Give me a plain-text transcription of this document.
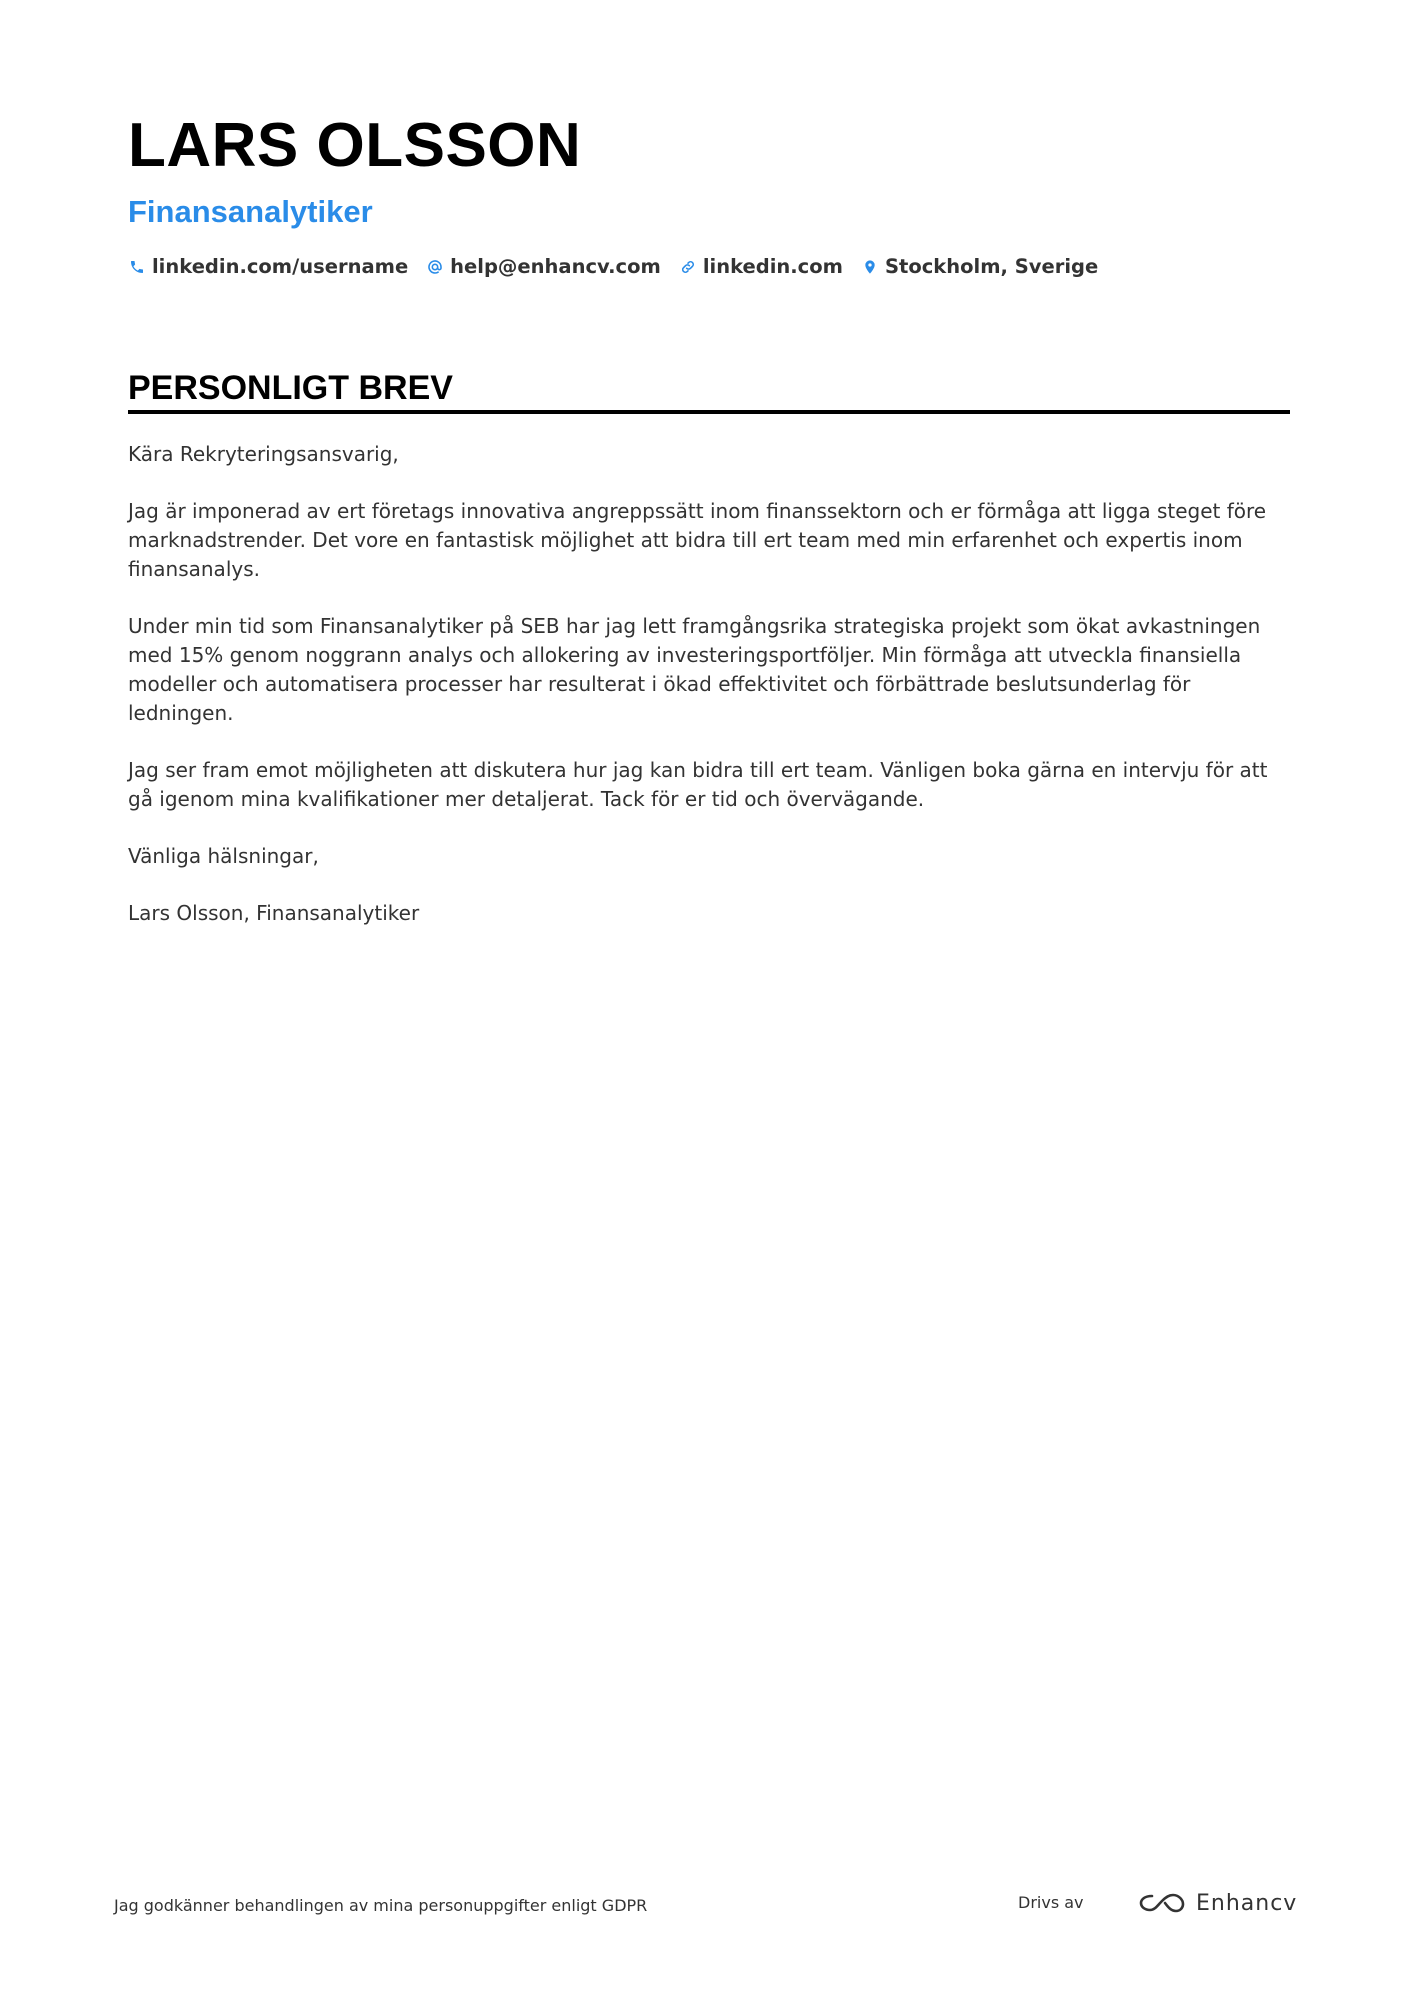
LARS OLSSON
Finansanalytiker
linkedin.com/username help@enhancv.com linkedin.com Stockholm, Sverige
PERSONLIGT BREV

Kära Rekryteringsansvarig,

Jag är imponerad av ert företags innovativa angreppssätt inom finanssektorn och er förmåga att ligga steget före marknadstrender. Det vore en fantastisk möjlighet att bidra till ert team med min erfarenhet och expertis inom finansanalys.

Under min tid som Finansanalytiker på SEB har jag lett framgångsrika strategiska projekt som ökat avkastningen med 15% genom noggrann analys och allokering av investeringsportföljer. Min förmåga att utveckla finansiella modeller och automatisera processer har resulterat i ökad effektivitet och förbättrade beslutsunderlag för ledningen.

Jag ser fram emot möjligheten att diskutera hur jag kan bidra till ert team. Vänligen boka gärna en intervju för att gå igenom mina kvalifikationer mer detaljerat. Tack för er tid och övervägande.

Vänliga hälsningar,

Lars Olsson, Finansanalytiker

Jag godkänner behandlingen av mina personuppgifter enligt GDPR	Drivs av	Enhancv
